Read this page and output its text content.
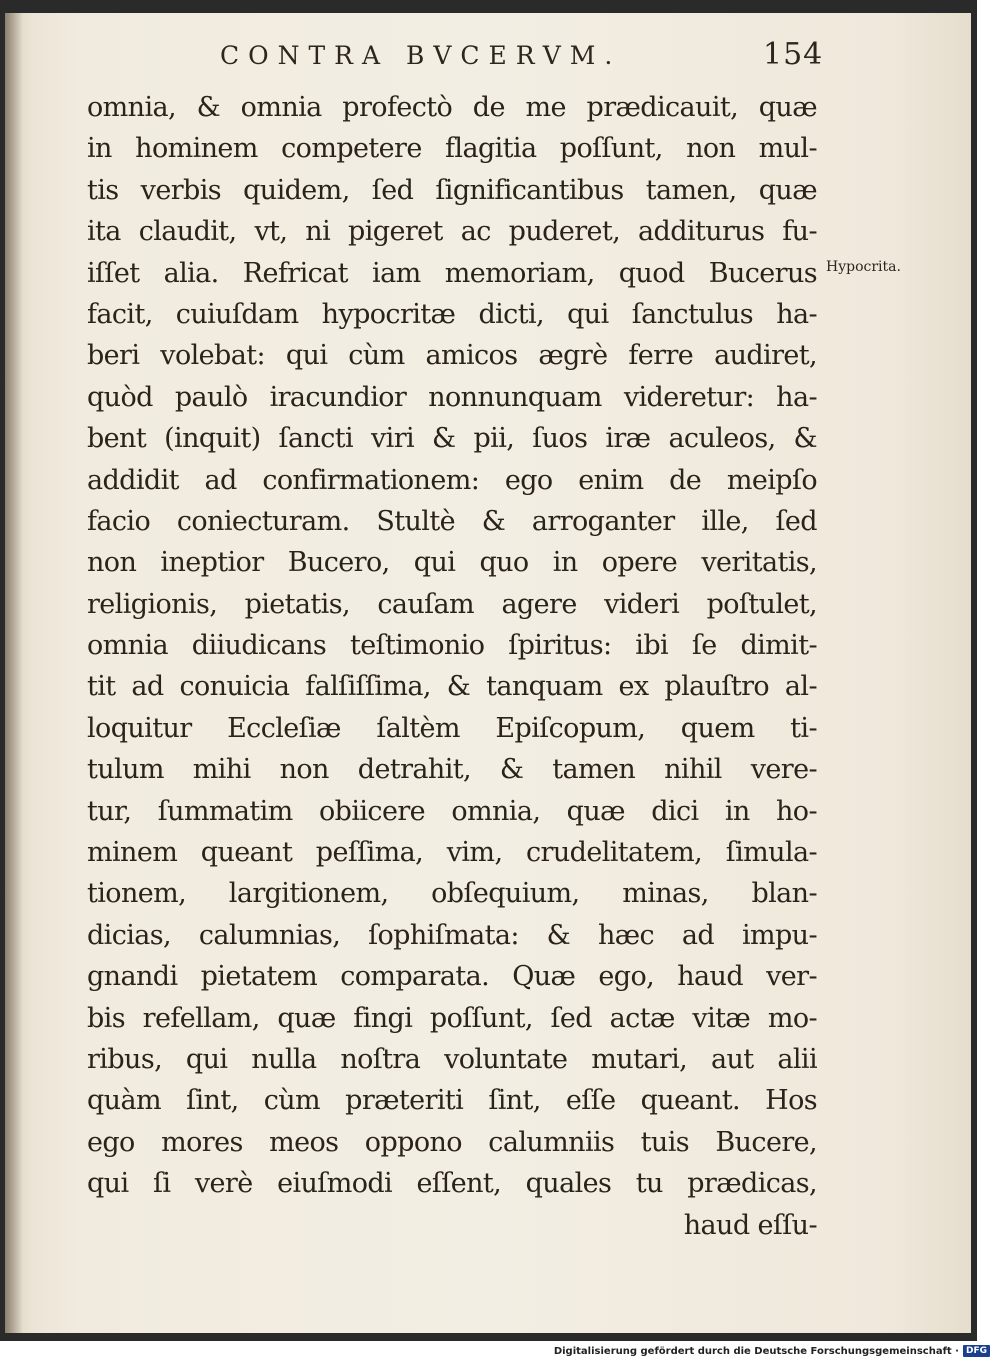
CONTRA BVCERVM.	154
omnia, & omnia profectò de me prædicauit, quæ
in hominem competere flagitia poſſunt, non mul-
tis verbis quidem, ſed ſignificantibus tamen, quæ
ita claudit, vt, ni pigeret ac puderet, additurus fu-
iſſet alia. Refricat iam memoriam, quod Bucerus
facit, cuiuſdam hypocritæ dicti, qui ſanctulus ha-
beri volebat: qui cùm amicos ægrè ferre audiret,
quòd paulò iracundior nonnunquam videretur: ha-
bent (inquit) ſancti viri & pii, ſuos iræ aculeos, &
addidit ad confirmationem: ego enim de meipſo
facio coniecturam. Stultè & arroganter ille, ſed
non ineptior Bucero, qui quo in opere veritatis,
religionis, pietatis, cauſam agere videri poſtulet,
omnia diiudicans teſtimonio ſpiritus: ibi ſe dimit-
tit ad conuicia falſiſſima, & tanquam ex plauſtro al-
loquitur Eccleſiæ ſaltèm Epiſcopum, quem ti-
tulum mihi non detrahit, & tamen nihil vere-
tur, ſummatim obiicere omnia, quæ dici in ho-
minem queant peſſima, vim, crudelitatem, ſimula-
tionem, largitionem, obſequium, minas, blan-
dicias, calumnias, ſophiſmata: & hæc ad impu-
gnandi pietatem comparata. Quæ ego, haud ver-
bis refellam, quæ fingi poſſunt, ſed actæ vitæ mo-
ribus, qui nulla noſtra voluntate mutari, aut alii
quàm ſint, cùm præteriti ſint, eſſe queant. Hos
ego mores meos oppono calumniis tuis Bucere,
qui ſi verè eiuſmodi eſſent, quales tu prædicas,
haud eſſu-
Hypocrita.
Digitalisierung gefördert durch die Deutsche Forschungsgemeinschaft · DFG
